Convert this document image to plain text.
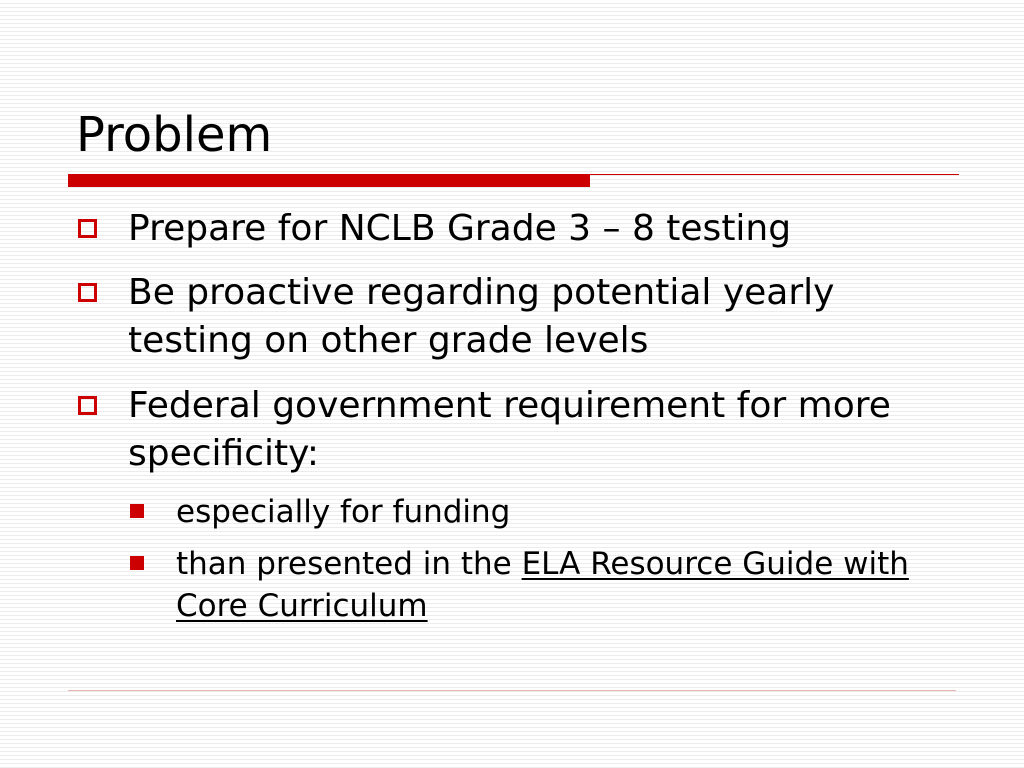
Problem
Prepare for NCLB Grade 3 – 8 testing
Be proactive regarding potential yearly testing on other grade levels
Federal government requirement for more specificity:
especially for funding
than presented in the ELA Resource Guide with Core Curriculum
